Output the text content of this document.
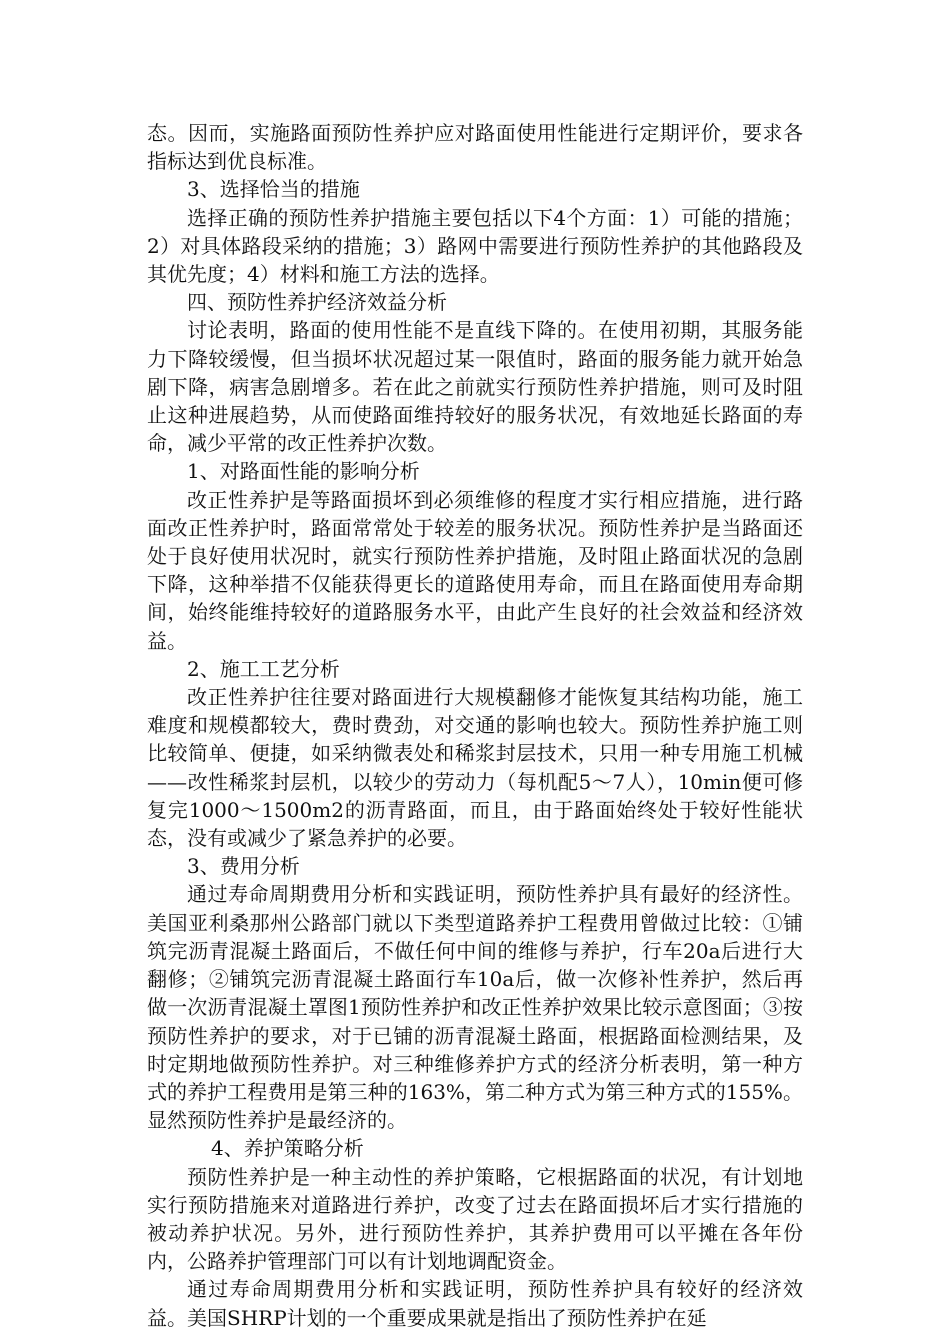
态。因而，实施路面预防性养护应对路面使用性能进行定期评价，要求各指标达到优良标准。

3、选择恰当的措施

选择正确的预防性养护措施主要包括以下4个方面：1）可能的措施；2）对具体路段采纳的措施；3）路网中需要进行预防性养护的其他路段及其优先度；4）材料和施工方法的选择。

四、预防性养护经济效益分析

讨论表明，路面的使用性能不是直线下降的。在使用初期，其服务能力下降较缓慢，但当损坏状况超过某一限值时，路面的服务能力就开始急剧下降，病害急剧增多。若在此之前就实行预防性养护措施，则可及时阻止这种进展趋势，从而使路面维持较好的服务状况，有效地延长路面的寿命，减少平常的改正性养护次数。

1、对路面性能的影响分析

改正性养护是等路面损坏到必须维修的程度才实行相应措施，进行路面改正性养护时，路面常常处于较差的服务状况。预防性养护是当路面还处于良好使用状况时，就实行预防性养护措施，及时阻止路面状况的急剧下降，这种举措不仅能获得更长的道路使用寿命，而且在路面使用寿命期间，始终能维持较好的道路服务水平，由此产生良好的社会效益和经济效益。

2、施工工艺分析

改正性养护往往要对路面进行大规模翻修才能恢复其结构功能，施工难度和规模都较大，费时费劲，对交通的影响也较大。预防性养护施工则比较简单、便捷，如采纳微表处和稀浆封层技术，只用一种专用施工机械——改性稀浆封层机，以较少的劳动力（每机配5～7人），10min便可修复完1000～1500m2的沥青路面，而且，由于路面始终处于较好性能状态，没有或减少了紧急养护的必要。

3、费用分析

通过寿命周期费用分析和实践证明，预防性养护具有最好的经济性。美国亚利桑那州公路部门就以下类型道路养护工程费用曾做过比较：①铺筑完沥青混凝土路面后，不做任何中间的维修与养护，行车20a后进行大翻修；②铺筑完沥青混凝土路面行车10a后，做一次修补性养护，然后再做一次沥青混凝土罩图1预防性养护和改正性养护效果比较示意图面；③按预防性养护的要求，对于已铺的沥青混凝土路面，根据路面检测结果，及时定期地做预防性养护。对三种维修养护方式的经济分析表明，第一种方式的养护工程费用是第三种的163%，第二种方式为第三种方式的155%。显然预防性养护是最经济的。

4、养护策略分析

预防性养护是一种主动性的养护策略，它根据路面的状况，有计划地实行预防措施来对道路进行养护，改变了过去在路面损坏后才实行措施的被动养护状况。另外，进行预防性养护，其养护费用可以平摊在各年份内，公路养护管理部门可以有计划地调配资金。

通过寿命周期费用分析和实践证明，预防性养护具有较好的经济效益。美国SHRP计划的一个重要成果就是指出了预防性养护在延
